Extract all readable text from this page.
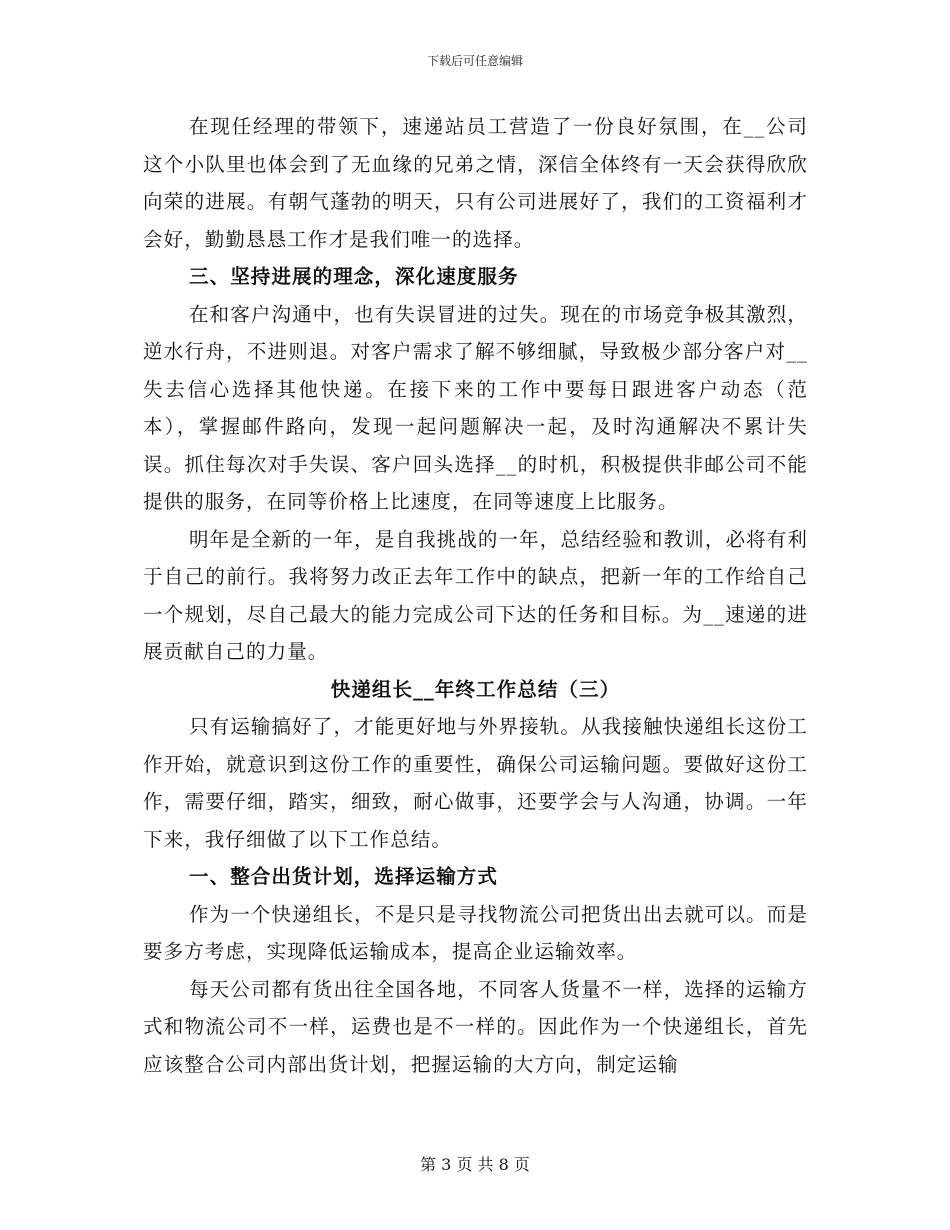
下载后可任意编辑

在现任经理的带领下，速递站员工营造了一份良好氛围，在__公司这个小队里也体会到了无血缘的兄弟之情，深信全体终有一天会获得欣欣向荣的进展。有朝气蓬勃的明天，只有公司进展好了，我们的工资福利才会好，勤勤恳恳工作才是我们唯一的选择。

三、坚持进展的理念，深化速度服务

在和客户沟通中，也有失误冒进的过失。现在的市场竞争极其激烈，逆水行舟，不进则退。对客户需求了解不够细腻，导致极少部分客户对__失去信心选择其他快递。在接下来的工作中要每日跟进客户动态（范本），掌握邮件路向，发现一起问题解决一起，及时沟通解决不累计失误。抓住每次对手失误、客户回头选择__的时机，积极提供非邮公司不能提供的服务，在同等价格上比速度，在同等速度上比服务。

明年是全新的一年，是自我挑战的一年，总结经验和教训，必将有利于自己的前行。我将努力改正去年工作中的缺点，把新一年的工作给自己一个规划，尽自己最大的能力完成公司下达的任务和目标。为__速递的进展贡献自己的力量。

快递组长__年终工作总结（三）

只有运输搞好了，才能更好地与外界接轨。从我接触快递组长这份工作开始，就意识到这份工作的重要性，确保公司运输问题。要做好这份工作，需要仔细，踏实，细致，耐心做事，还要学会与人沟通，协调。一年下来，我仔细做了以下工作总结。

一、整合出货计划，选择运输方式

作为一个快递组长，不是只是寻找物流公司把货出出去就可以。而是要多方考虑，实现降低运输成本，提高企业运输效率。

每天公司都有货出往全国各地，不同客人货量不一样，选择的运输方式和物流公司不一样，运费也是不一样的。因此作为一个快递组长，首先应该整合公司内部出货计划，把握运输的大方向，制定运输

第 3 页 共 8 页
